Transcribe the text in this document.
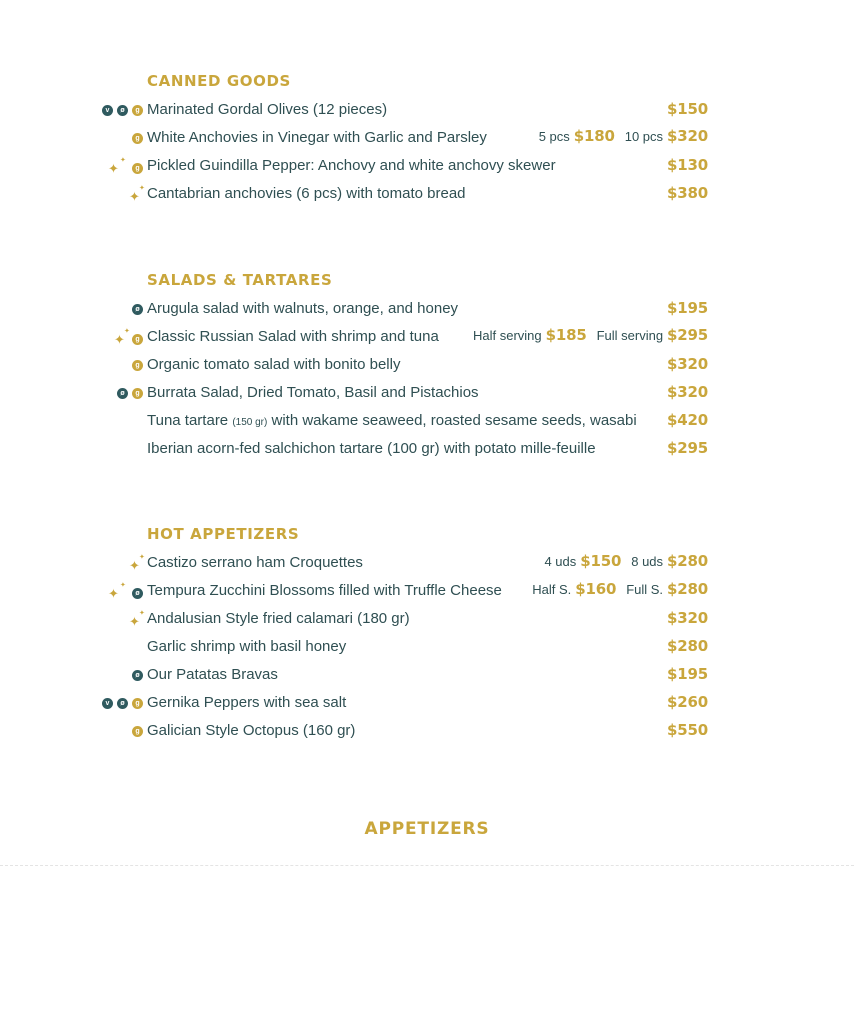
CANNED GOODS
v	ø	g Marinated Gordal Olives (12 pieces)	$150
g White Anchovies in Vinegar with Garlic and Parsley	5 pcs $180 10 pcs $320
✦
✦
g Pickled Guindilla Pepper: Anchovy and white anchovy skewer	$130
✦
✦ Cantabrian anchovies (6 pcs) with tomato bread	$380
SALADS & TARTARES
ø Arugula salad with walnuts, orange, and honey	$195
✦
✦
g Classic Russian Salad with shrimp and tuna	Half serving $185 Full serving $295
g Organic tomato salad with bonito belly	$320
ø	g Burrata Salad, Dried Tomato, Basil and Pistachios	$320
Tuna tartare (150 gr) with wakame seaweed, roasted sesame seeds, wasabi $420
Iberian acorn-fed salchichon tartare (100 gr) with potato mille-feuille	$295
HOT APPETIZERS
✦
✦ Castizo serrano ham Croquettes	4 uds $150 8 uds $280
✦
✦
ø Tempura Zucchini Blossoms filled with Truffle Cheese Half S. $160 Full S. $280
✦
✦ Andalusian Style fried calamari (180 gr)	$320
Garlic shrimp with basil honey	$280
ø Our Patatas Bravas	$195
v	ø	g Gernika Peppers with sea salt	$260
g Galician Style Octopus (160 gr)	$550
APPETIZERS
